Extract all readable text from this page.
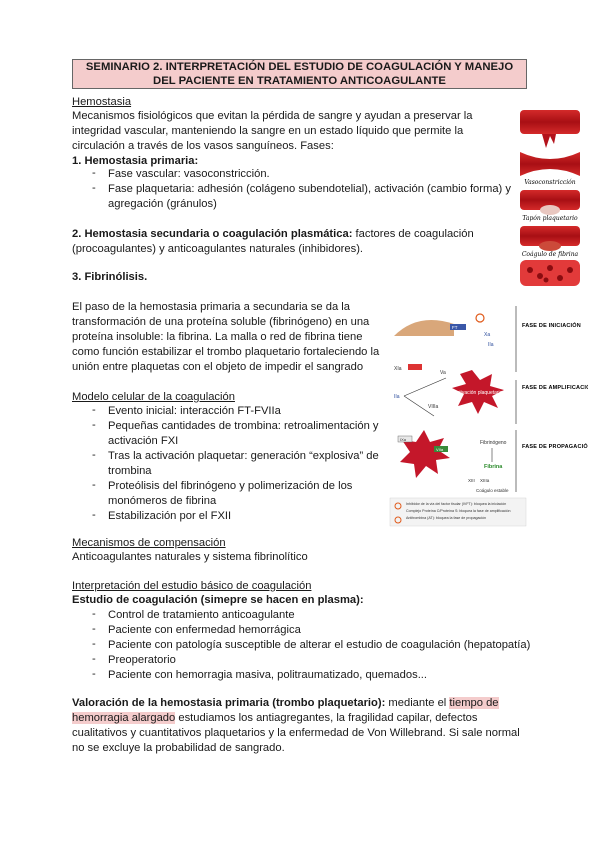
SEMINARIO 2. INTERPRETACIÓN DEL ESTUDIO DE COAGULACIÓN Y MANEJO
DEL PACIENTE EN TRATAMIENTO ANTICOAGULANTE

Hemostasia

Mecanismos fisiológicos que evitan la pérdida de sangre y ayudan a preservar la

integridad vascular, manteniendo la sangre en un estado líquido que permite la

circulación a través de los vasos sanguíneos. Fases:

1. Hemostasia primaria:

- Fase vascular: vasoconstricción.

- Fase plaquetaria: adhesión (colágeno subendotelial), activación (cambio forma) y

agregación (gránulos)

2. Hemostasia secundaria o coagulación plasmática: factores de coagulación

(procoagulantes) y anticoagulantes naturales (inhibidores).

3. Fibrinólisis.

El paso de la hemostasia primaria a secundaria se da la

transformación de una proteína soluble (fibrinógeno) en una

proteína insoluble: la fibrina. La malla o red de fibrina tiene

como función estabilizar el trombo plaquetario fortaleciendo la

unión entre plaquetas con el objeto de impedir el sangrado

Vasoconstricción
Tapón plaquetario
Coágulo de fibrina
FASE DE INICIACIÓN
FASE DE AMPLIFICACIÓN
FASE DE PROPAGACIÓN
FT
Xa
IIa
XIa
IIa
Activación plaquetaria
Va
VIIIa
IXa
VIIa
Fibrinógeno
Fibrina
XIII XIIIa
Coágulo estable
Inhibidor de la vía del factor tisular (IVFT): bloquea la iniciación
Complejo Proteína C/Proteína S: bloquea la fase de amplificación
Antitrombina (AT): bloquea la fase de propagación

Modelo celular de la coagulación

- Evento inicial: interacción FT-FVIIa

- Pequeñas cantidades de trombina: retroalimentación y

activación FXI

- Tras la activación plaquetar: generación “explosiva” de

trombina

- Proteólisis del fibrinógeno y polimerización de los

monómeros de fibrina

- Estabilización por el FXII

Mecanismos de compensación

Anticoagulantes naturales y sistema fibrinolítico

Interpretación del estudio básico de coagulación

Estudio de coagulación (simepre se hacen en plasma):

- Control de tratamiento anticoagulante

- Paciente con enfermedad hemorrágica

- Paciente con patología susceptible de alterar el estudio de coagulación (hepatopatía)

- Preoperatorio

- Paciente con hemorragia masiva, politraumatizado, quemados...

Valoración de la hemostasia primaria (trombo plaquetario): mediante el tiempo de

hemorragia alargado estudiamos los antiagregantes, la fragilidad capilar, defectos

cualitativos y cuantitativos plaquetarios y la enfermedad de Von Willebrand. Si sale normal

no se excluye la probabilidad de sangrado.
